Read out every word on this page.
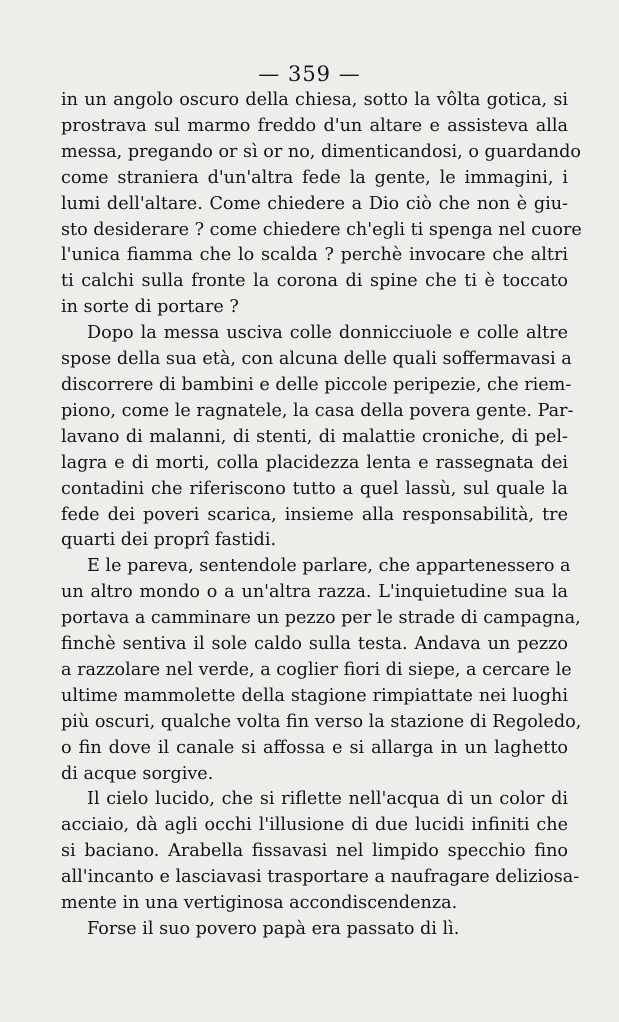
— 359 —

in un angolo oscuro della chiesa, sotto la vôlta gotica, si
prostrava sul marmo freddo d'un altare e assisteva alla
messa, pregando or sì or no, dimenticandosi, o guardando
come straniera d'un'altra fede la gente, le immagini, i
lumi dell'altare. Come chiedere a Dio ciò che non è giu-
sto desiderare ? come chiedere ch'egli ti spenga nel cuore
l'unica fiamma che lo scalda ? perchè invocare che altri
ti calchi sulla fronte la corona di spine che ti è toccato
in sorte di portare ?

Dopo la messa usciva colle donnicciuole e colle altre
spose della sua età, con alcuna delle quali soffermavasi a
discorrere di bambini e delle piccole peripezie, che riem-
piono, come le ragnatele, la casa della povera gente. Par-
lavano di malanni, di stenti, di malattie croniche, di pel-
lagra e di morti, colla placidezza lenta e rassegnata dei
contadini che riferiscono tutto a quel lassù, sul quale la
fede dei poveri scarica, insieme alla responsabilità, tre
quarti dei proprî fastidi.

E le pareva, sentendole parlare, che appartenessero a
un altro mondo o a un'altra razza. L'inquietudine sua la
portava a camminare un pezzo per le strade di campagna,
finchè sentiva il sole caldo sulla testa. Andava un pezzo
a razzolare nel verde, a coglier fiori di siepe, a cercare le
ultime mammolette della stagione rimpiattate nei luoghi
più oscuri, qualche volta fin verso la stazione di Regoledo,
o fin dove il canale si affossa e si allarga in un laghetto
di acque sorgive.

Il cielo lucido, che si riflette nell'acqua di un color di
acciaio, dà agli occhi l'illusione di due lucidi infiniti che
si baciano. Arabella fissavasi nel limpido specchio fino
all'incanto e lasciavasi trasportare a naufragare deliziosa-
mente in una vertiginosa accondiscendenza.

Forse il suo povero papà era passato di lì.
